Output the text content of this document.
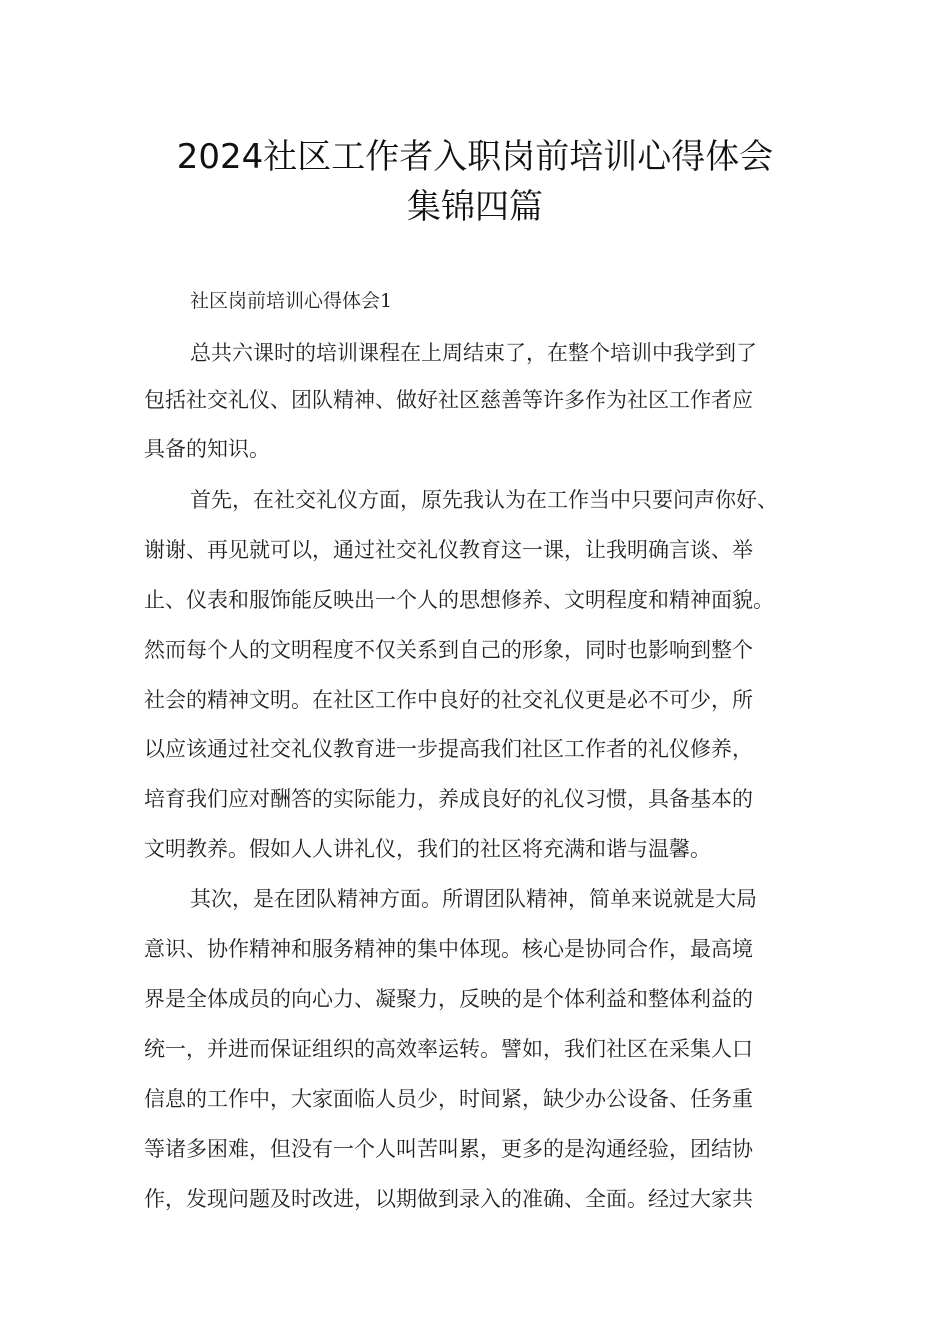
2024社区工作者入职岗前培训心得体会
集锦四篇
社区岗前培训心得体会1
总共六课时的培训课程在上周结束了，在整个培训中我学到了
包括社交礼仪、团队精神、做好社区慈善等许多作为社区工作者应
具备的知识。
首先，在社交礼仪方面，原先我认为在工作当中只要问声你好、
谢谢、再见就可以，通过社交礼仪教育这一课，让我明确言谈、举
止、仪表和服饰能反映出一个人的思想修养、文明程度和精神面貌。
然而每个人的文明程度不仅关系到自己的形象，同时也影响到整个
社会的精神文明。在社区工作中良好的社交礼仪更是必不可少，所
以应该通过社交礼仪教育进一步提高我们社区工作者的礼仪修养，
培育我们应对酬答的实际能力，养成良好的礼仪习惯，具备基本的
文明教养。假如人人讲礼仪，我们的社区将充满和谐与温馨。
其次，是在团队精神方面。所谓团队精神，简单来说就是大局
意识、协作精神和服务精神的集中体现。核心是协同合作，最高境
界是全体成员的向心力、凝聚力，反映的是个体利益和整体利益的
统一，并进而保证组织的高效率运转。譬如，我们社区在采集人口
信息的工作中，大家面临人员少，时间紧，缺少办公设备、任务重
等诸多困难，但没有一个人叫苦叫累，更多的是沟通经验，团结协
作，发现问题及时改进，以期做到录入的准确、全面。经过大家共
